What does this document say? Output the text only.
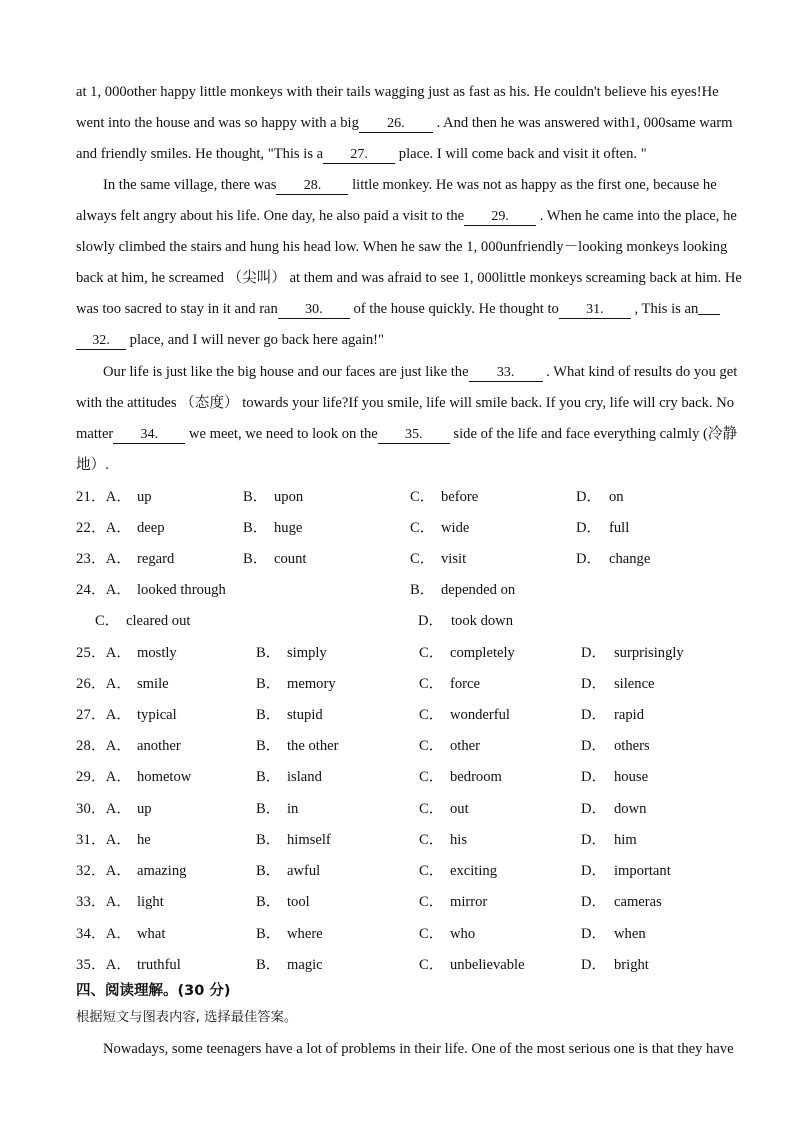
at 1, 000other happy little monkeys with their tails wagging just as fast as his. He couldn't believe his eyes!He

went into the house and was so happy with a big 26. . And then he was answered with1, 000same warm

and friendly smiles. He thought, "This is a 27. place. I will come back and visit it often. "

In the same village, there was 28. little monkey. He was not as happy as the first one, because he

always felt angry about his life. One day, he also paid a visit to the 29. . When he came into the place, he

slowly climbed the stairs and hung his head low. When he saw the 1, 000unfriendly－looking monkeys looking

back at him, he screamed （尖叫） at them and was afraid to see 1, 000little monkeys screaming back at him. He

was too sacred to stay in it and ran 30. of the house quickly. He thought to 31. , This is an

32. place, and I will never go back here again!"

Our life is just like the big house and our faces are just like the 33. . What kind of results do you get

with the attitudes （态度） towards your life?If you smile, life will smile back. If you cry, life will cry back. No

matter 34. we meet, we need to look on the 35. side of the life and face everything calmly (冷静

地）.

21．A． up	B． upon	C． before	D． on
22．A． deep	B． huge	C． wide	D． full
23．A． regard	B． count	C． visit	D． change
24．A． looked through	B． depended on
C． cleared out	D． took down
25．A． mostly	B． simply	C． completely	D． surprisingly
26．A． smile	B． memory	C． force	D． silence
27．A． typical	B． stupid	C． wonderful	D． rapid
28．A． another	B． the other	C． other	D． others
29．A． hometow	B． island	C． bedroom	D． house
30．A． up	B． in	C． out	D． down
31．A． he	B． himself	C． his	D． him
32．A． amazing	B． awful	C． exciting	D． important
33．A． light	B． tool	C． mirror	D． cameras
34．A． what	B． where	C． who	D． when
35．A． truthful	B． magic	C． unbelievable	D． bright

四、阅读理解。(30 分)

根据短文与图表内容, 选择最佳答案。

Nowadays, some teenagers have a lot of problems in their life. One of the most serious one is that they have
